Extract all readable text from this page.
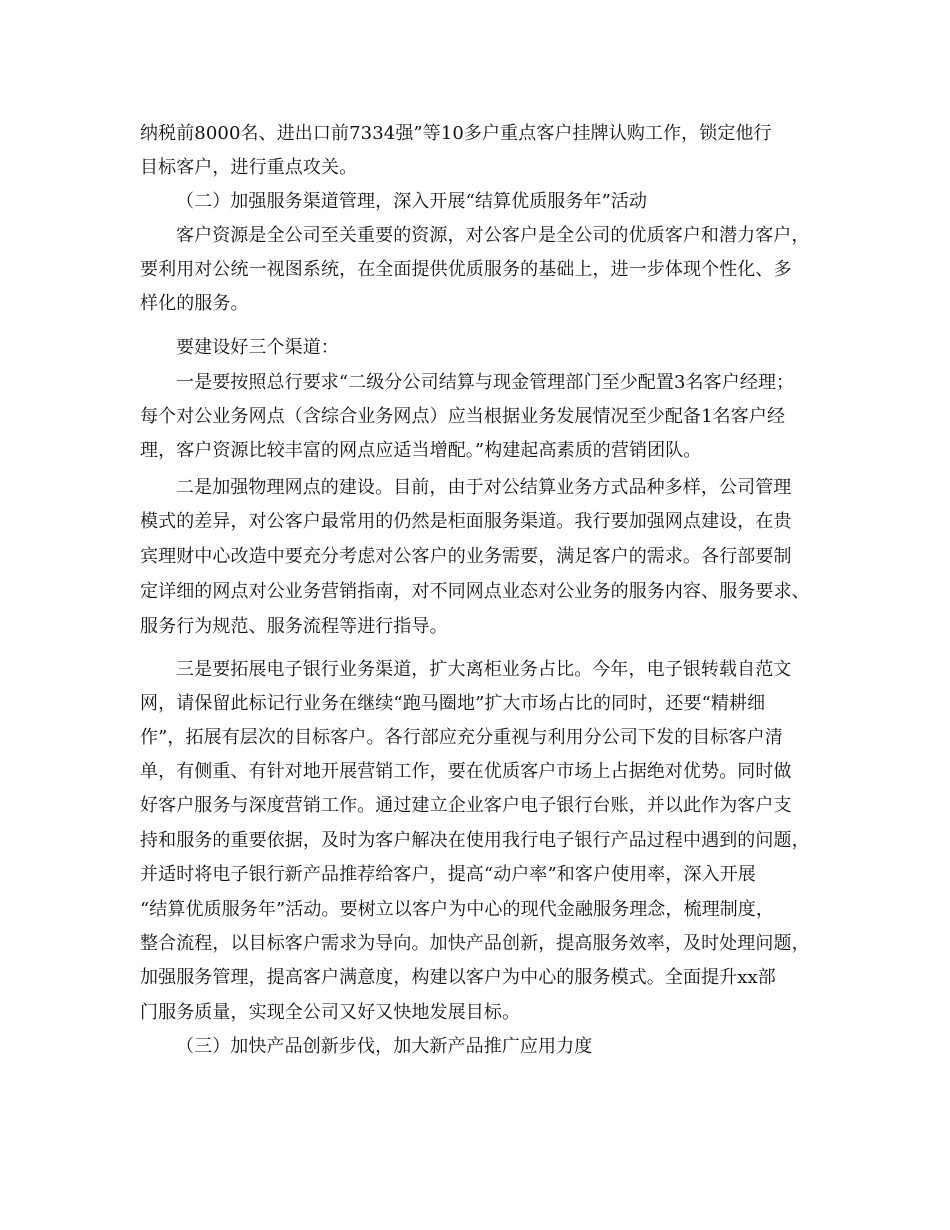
纳税前8000名、进出口前7334强”等10多户重点客户挂牌认购工作，锁定他行
目标客户，进行重点攻关。
（二）加强服务渠道管理，深入开展“结算优质服务年”活动
客户资源是全公司至关重要的资源，对公客户是全公司的优质客户和潜力客户，
要利用对公统一视图系统，在全面提供优质服务的基础上，进一步体现个性化、多
样化的服务。
要建设好三个渠道：
一是要按照总行要求“二级分公司结算与现金管理部门至少配置3名客户经理；
每个对公业务网点（含综合业务网点）应当根据业务发展情况至少配备1名客户经
理，客户资源比较丰富的网点应适当增配。”构建起高素质的营销团队。
二是加强物理网点的建设。目前，由于对公结算业务方式品种多样，公司管理
模式的差异，对公客户最常用的仍然是柜面服务渠道。我行要加强网点建设，在贵
宾理财中心改造中要充分考虑对公客户的业务需要，满足客户的需求。各行部要制
定详细的网点对公业务营销指南，对不同网点业态对公业务的服务内容、服务要求、
服务行为规范、服务流程等进行指导。
三是要拓展电子银行业务渠道，扩大离柜业务占比。今年，电子银转载自范文
网，请保留此标记行业务在继续“跑马圈地”扩大市场占比的同时，还要“精耕细
作”，拓展有层次的目标客户。各行部应充分重视与利用分公司下发的目标客户清
单，有侧重、有针对地开展营销工作，要在优质客户市场上占据绝对优势。同时做
好客户服务与深度营销工作。通过建立企业客户电子银行台账，并以此作为客户支
持和服务的重要依据，及时为客户解决在使用我行电子银行产品过程中遇到的问题，
并适时将电子银行新产品推荐给客户，提高“动户率”和客户使用率，深入开展
“结算优质服务年”活动。要树立以客户为中心的现代金融服务理念，梳理制度，
整合流程，以目标客户需求为导向。加快产品创新，提高服务效率，及时处理问题，
加强服务管理，提高客户满意度，构建以客户为中心的服务模式。全面提升xx部
门服务质量，实现全公司又好又快地发展目标。
（三）加快产品创新步伐，加大新产品推广应用力度
